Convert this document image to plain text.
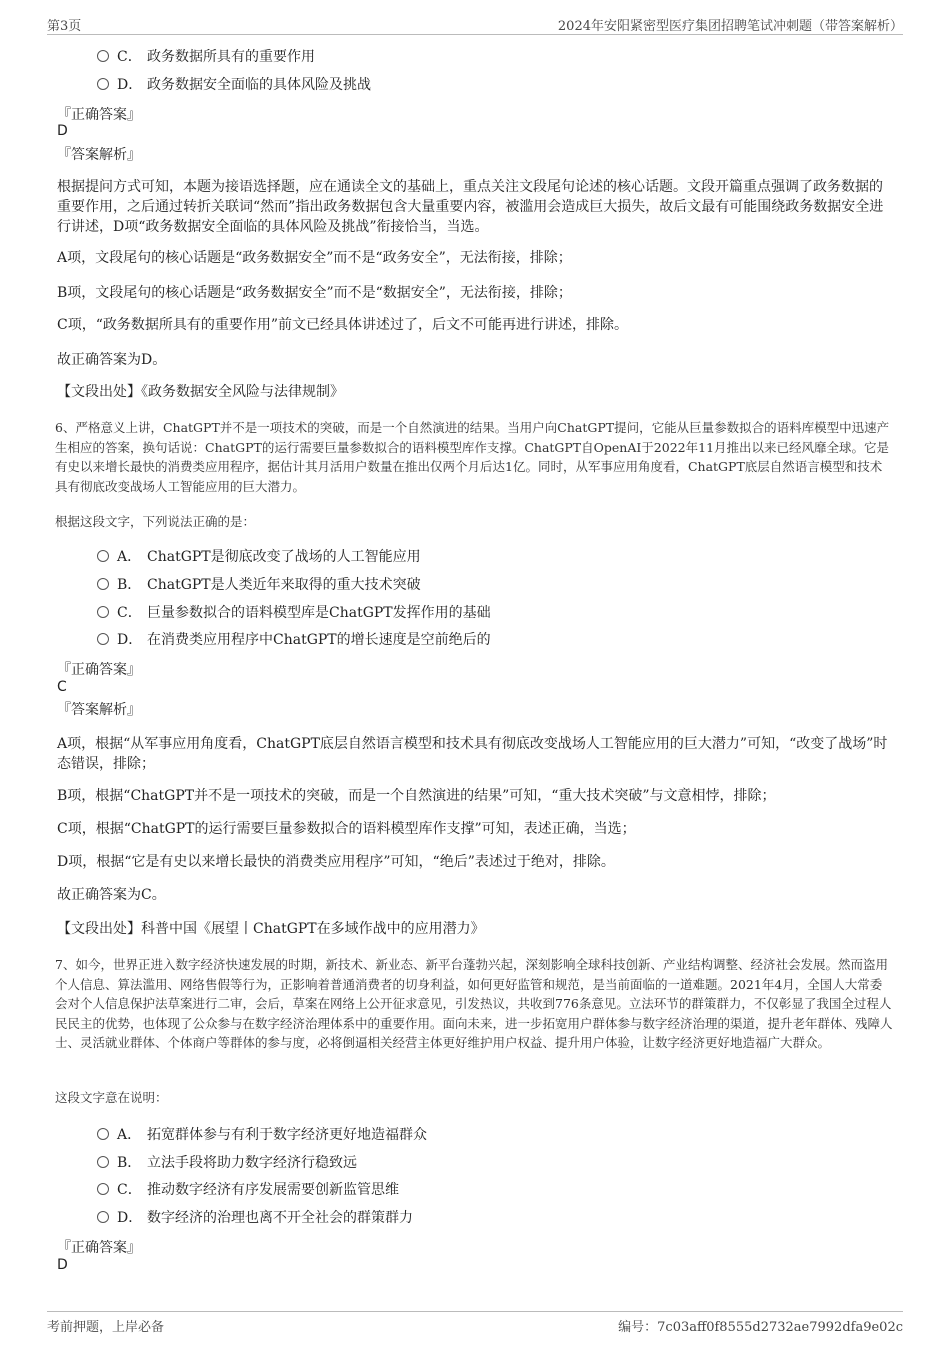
第3页	2024年安阳紧密型医疗集团招聘笔试冲刺题（带答案解析）
C． 政务数据所具有的重要作用
D． 政务数据安全面临的具体风险及挑战
『正确答案』
D
『答案解析』

根据提问方式可知，本题为接语选择题，应在通读全文的基础上，重点关注文段尾句论述的核心话题。文段开篇重点强调了政务数据的重要作用，之后通过转折关联词“然而”指出政务数据包含大量重要内容，被滥用会造成巨大损失，故后文最有可能围绕政务数据安全进行讲述，D项“政务数据安全面临的具体风险及挑战”衔接恰当，当选。

A项，文段尾句的核心话题是“政务数据安全”而不是“政务安全”，无法衔接，排除；

B项，文段尾句的核心话题是“政务数据安全”而不是“数据安全”，无法衔接，排除；

C项，“政务数据所具有的重要作用”前文已经具体讲述过了，后文不可能再进行讲述，排除。

故正确答案为D。

【文段出处】《政务数据安全风险与法律规制》

6、严格意义上讲，ChatGPT并不是一项技术的突破，而是一个自然演进的结果。当用户向ChatGPT提问，它能从巨量参数拟合的语料库模型中迅速产生相应的答案，换句话说：ChatGPT的运行需要巨量参数拟合的语料模型库作支撑。ChatGPT自OpenAI于2022年11月推出以来已经风靡全球。它是有史以来增长最快的消费类应用程序，据估计其月活用户数量在推出仅两个月后达1亿。同时，从军事应用角度看，ChatGPT底层自然语言模型和技术具有彻底改变战场人工智能应用的巨大潜力。

根据这段文字，下列说法正确的是：

A． ChatGPT是彻底改变了战场的人工智能应用
B． ChatGPT是人类近年来取得的重大技术突破
C． 巨量参数拟合的语料模型库是ChatGPT发挥作用的基础
D． 在消费类应用程序中ChatGPT的增长速度是空前绝后的
『正确答案』
C
『答案解析』

A项，根据“从军事应用角度看，ChatGPT底层自然语言模型和技术具有彻底改变战场人工智能应用的巨大潜力”可知，“改变了战场”时态错误，排除；

B项，根据“ChatGPT并不是一项技术的突破，而是一个自然演进的结果”可知，“重大技术突破”与文意相悖，排除；

C项，根据“ChatGPT的运行需要巨量参数拟合的语料模型库作支撑”可知，表述正确，当选；

D项，根据“它是有史以来增长最快的消费类应用程序”可知，“绝后”表述过于绝对，排除。

故正确答案为C。

【文段出处】科普中国《展望丨ChatGPT在多域作战中的应用潜力》

7、如今，世界正进入数字经济快速发展的时期，新技术、新业态、新平台蓬勃兴起，深刻影响全球科技创新、产业结构调整、经济社会发展。然而盗用个人信息、算法滥用、网络售假等行为，正影响着普通消费者的切身利益，如何更好监管和规范，是当前面临的一道难题。2021年4月，全国人大常委会对个人信息保护法草案进行二审，会后，草案在网络上公开征求意见，引发热议，共收到776条意见。立法环节的群策群力，不仅彰显了我国全过程人民民主的优势，也体现了公众参与在数字经济治理体系中的重要作用。面向未来，进一步拓宽用户群体参与数字经济治理的渠道，提升老年群体、残障人士、灵活就业群体、个体商户等群体的参与度，必将倒逼相关经营主体更好维护用户权益、提升用户体验，让数字经济更好地造福广大群众。

这段文字意在说明：

A． 拓宽群体参与有利于数字经济更好地造福群众
B． 立法手段将助力数字经济行稳致远
C． 推动数字经济有序发展需要创新监管思维
D． 数字经济的治理也离不开全社会的群策群力
『正确答案』
D
考前押题，上岸必备	编号：7c03aff0f8555d2732ae7992dfa9e02c
